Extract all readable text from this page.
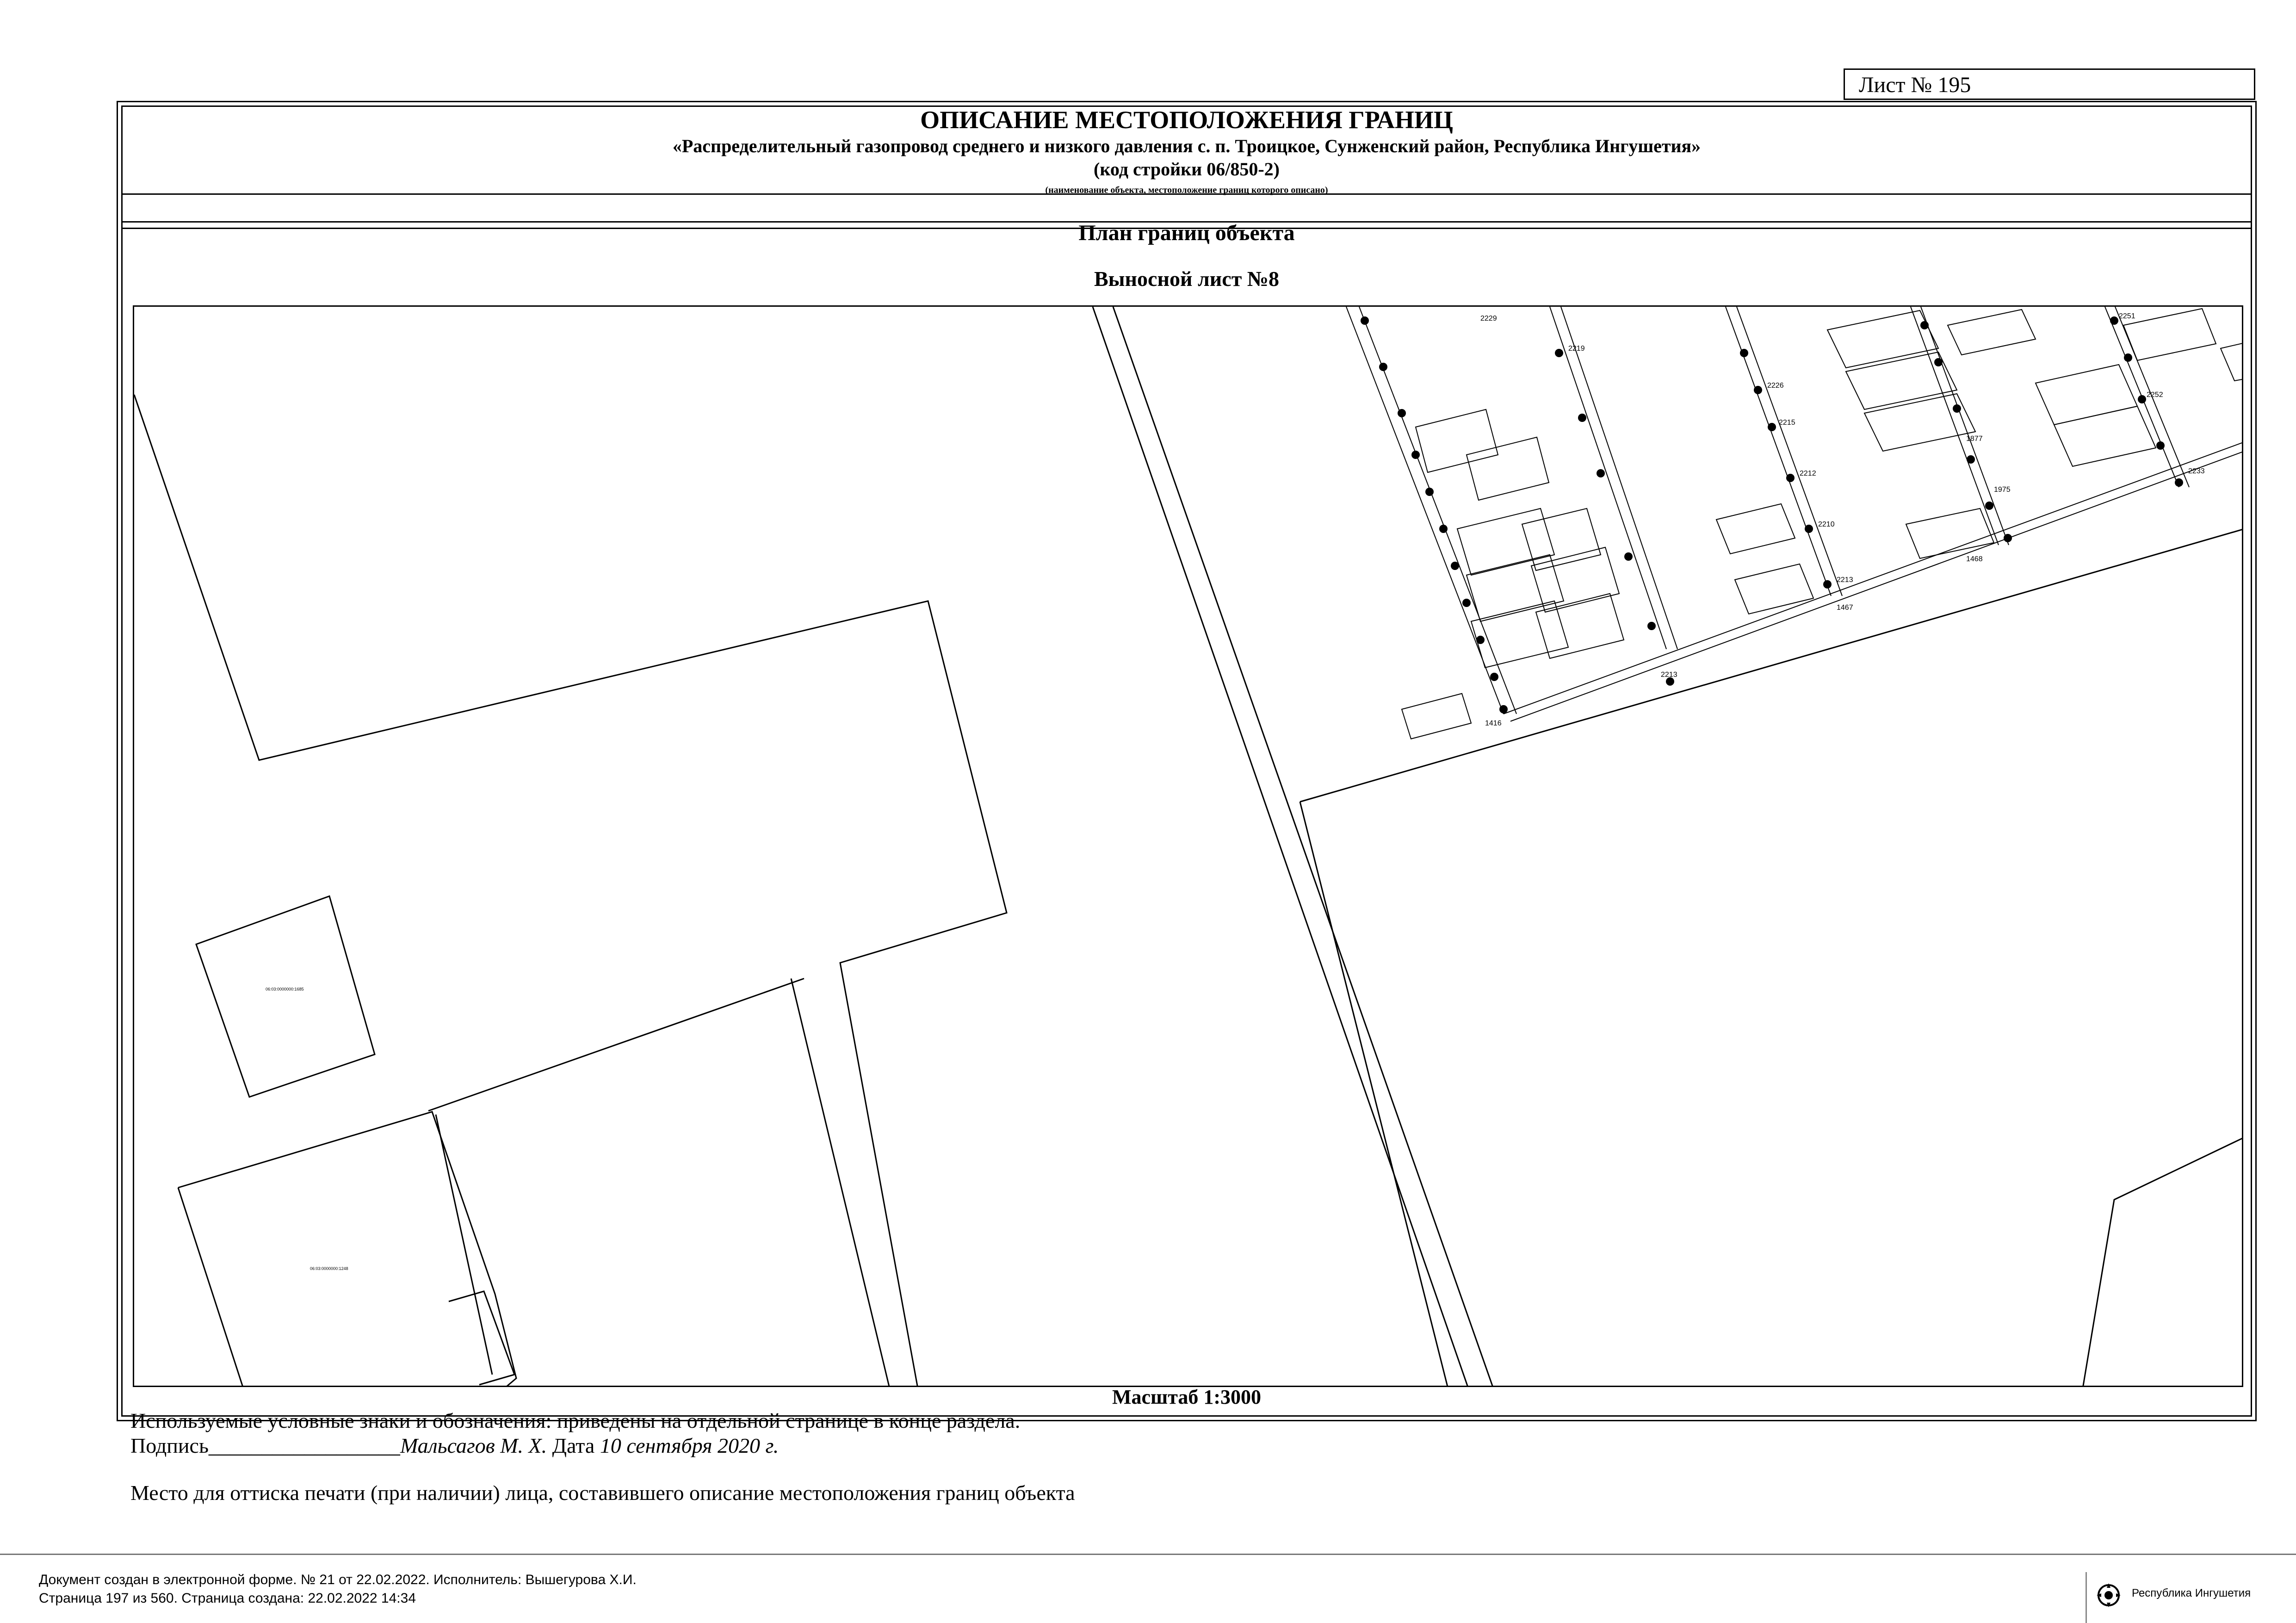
Лист № 195
ОПИСАНИЕ МЕСТОПОЛОЖЕНИЯ ГРАНИЦ
«Распределительный газопровод среднего и низкого давления с. п. Троицкое, Сунженский район, Республика Ингушетия»
(код стройки 06/850-2)
(наименование объекта, местоположение границ которого описано)
План границ объекта
Выносной лист №8
06:03:0000000:1685
06:03:0000000:1248
2219
2226
2215
2212
2210
2213
1877
1975
2229
2233
2251
2252
1468
1467
1416
2213
Масштаб 1:3000
Используемые условные знаки и обозначения: приведены на отдельной странице в конце раздела.
Подпись__________________Мальсагов М. Х. Дата 10 сентября 2020 г.
Место для оттиска печати (при наличии) лица, составившего описание местоположения границ объекта
Документ создан в электронной форме. № 21 от 22.02.2022. Исполнитель: Вышегурова Х.И.
Страница 197 из 560. Страница создана: 22.02.2022 14:34	Республика Ингушетия
